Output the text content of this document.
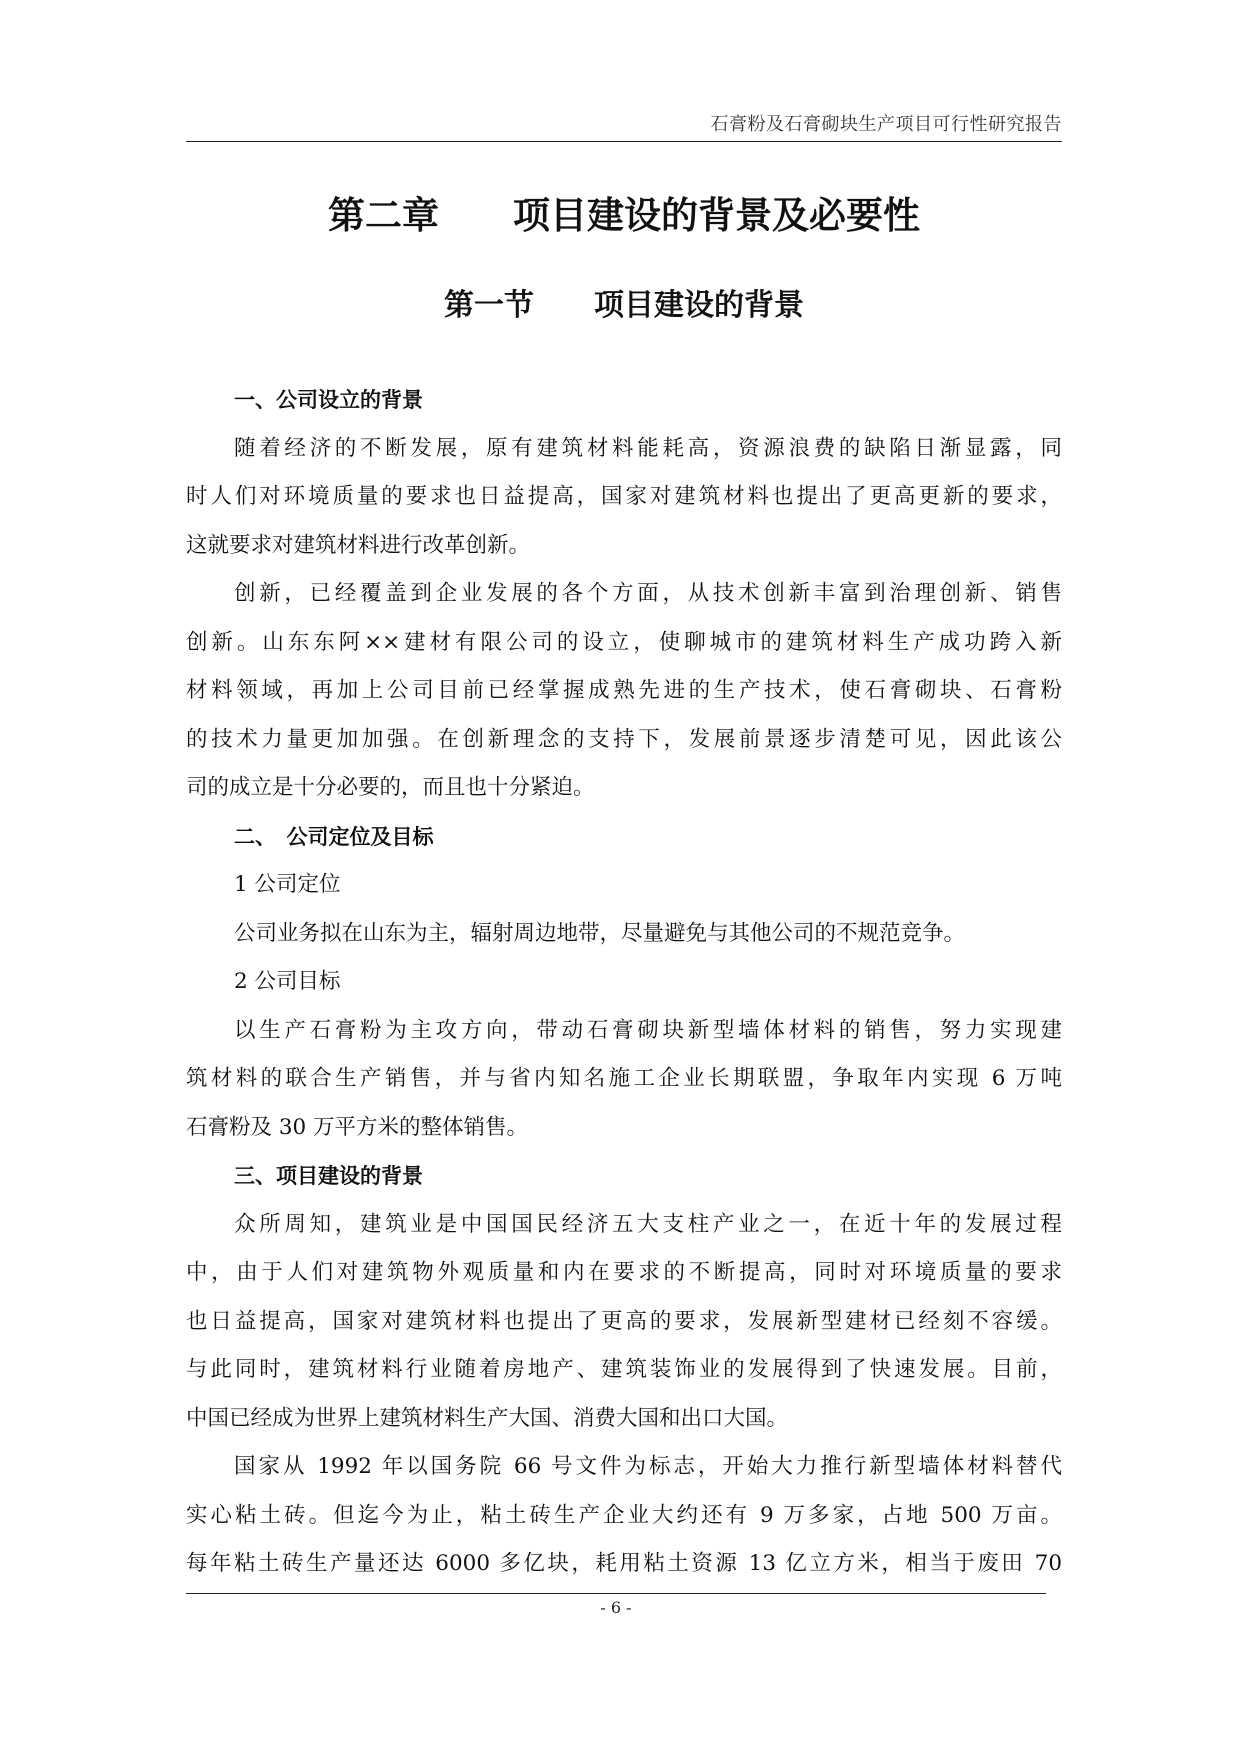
石膏粉及石膏砌块生产项目可行性研究报告
第二章　　项目建设的背景及必要性
第一节　　项目建设的背景
一、公司设立的背景
随着经济的不断发展，原有建筑材料能耗高，资源浪费的缺陷日渐显露，同
时人们对环境质量的要求也日益提高，国家对建筑材料也提出了更高更新的要求，
这就要求对建筑材料进行改革创新。
创新，已经覆盖到企业发展的各个方面，从技术创新丰富到治理创新、销售
创新。山东东阿××建材有限公司的设立，使聊城市的建筑材料生产成功跨入新
材料领域，再加上公司目前已经掌握成熟先进的生产技术，使石膏砌块、石膏粉
的技术力量更加加强。在创新理念的支持下，发展前景逐步清楚可见，因此该公
司的成立是十分必要的，而且也十分紧迫。
二、　公司定位及目标
1 公司定位
公司业务拟在山东为主，辐射周边地带，尽量避免与其他公司的不规范竞争。
2 公司目标
以生产石膏粉为主攻方向，带动石膏砌块新型墙体材料的销售，努力实现建
筑材料的联合生产销售，并与省内知名施工企业长期联盟，争取年内实现 6 万吨
石膏粉及 30 万平方米的整体销售。
三、项目建设的背景
众所周知，建筑业是中国国民经济五大支柱产业之一，在近十年的发展过程
中，由于人们对建筑物外观质量和内在要求的不断提高，同时对环境质量的要求
也日益提高，国家对建筑材料也提出了更高的要求，发展新型建材已经刻不容缓。
与此同时，建筑材料行业随着房地产、建筑装饰业的发展得到了快速发展。目前，
中国已经成为世界上建筑材料生产大国、消费大国和出口大国。
国家从 1992 年以国务院 66 号文件为标志，开始大力推行新型墙体材料替代
实心粘土砖。但迄今为止，粘土砖生产企业大约还有 9 万多家，占地 500 万亩。
每年粘土砖生产量还达 6000 多亿块，耗用粘土资源 13 亿立方米，相当于废田 70
- 6 -
